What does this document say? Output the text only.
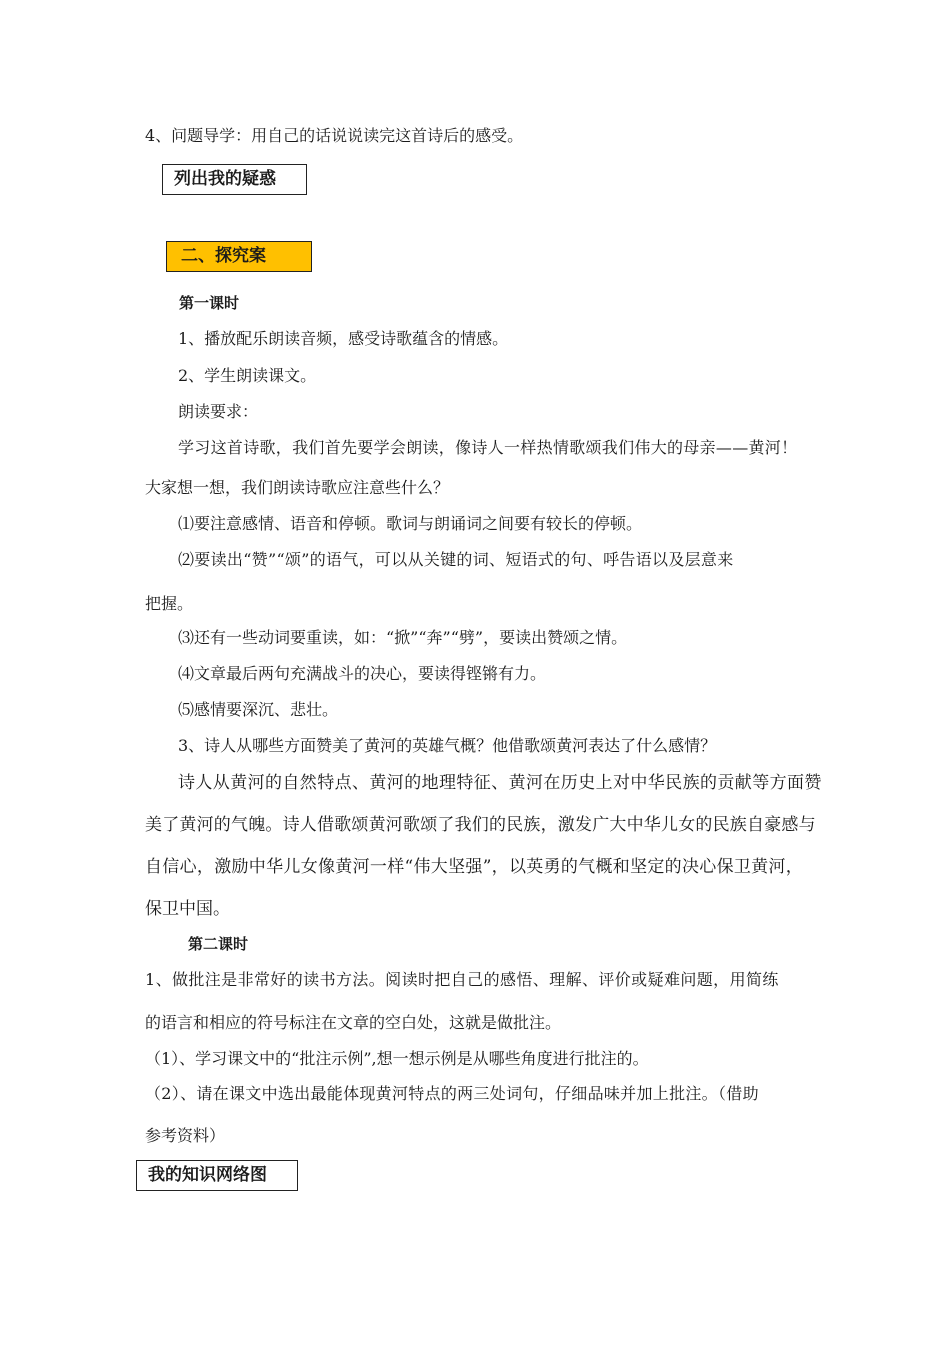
4、问题导学：用自己的话说说读完这首诗后的感受。
列出我的疑惑
二、探究案
第一课时
1、播放配乐朗读音频，感受诗歌蕴含的情感。
2、学生朗读课文。
朗读要求：
学习这首诗歌，我们首先要学会朗读，像诗人一样热情歌颂我们伟大的母亲——黄河！
大家想一想，我们朗读诗歌应注意些什么？
⑴要注意感情、语音和停顿。歌词与朗诵词之间要有较长的停顿。
⑵要读出“赞”“颂”的语气，可以从关键的词、短语式的句、呼告语以及层意来
把握。
⑶还有一些动词要重读，如：“掀”“奔”“劈”，要读出赞颂之情。
⑷文章最后两句充满战斗的决心，要读得铿锵有力。
⑸感情要深沉、悲壮。
3、诗人从哪些方面赞美了黄河的英雄气概？他借歌颂黄河表达了什么感情？
诗人从黄河的自然特点、黄河的地理特征、黄河在历史上对中华民族的贡献等方面赞
美了黄河的气魄。诗人借歌颂黄河歌颂了我们的民族，激发广大中华儿女的民族自豪感与
自信心，激励中华儿女像黄河一样“伟大坚强”，以英勇的气概和坚定的决心保卫黄河，
保卫中国。
第二课时
1、做批注是非常好的读书方法。阅读时把自己的感悟、理解、评价或疑难问题，用简练
的语言和相应的符号标注在文章的空白处，这就是做批注。
（1）、学习课文中的“批注示例”,想一想示例是从哪些角度进行批注的。
（2）、请在课文中选出最能体现黄河特点的两三处词句，仔细品味并加上批注。（借助
参考资料）
我的知识网络图
